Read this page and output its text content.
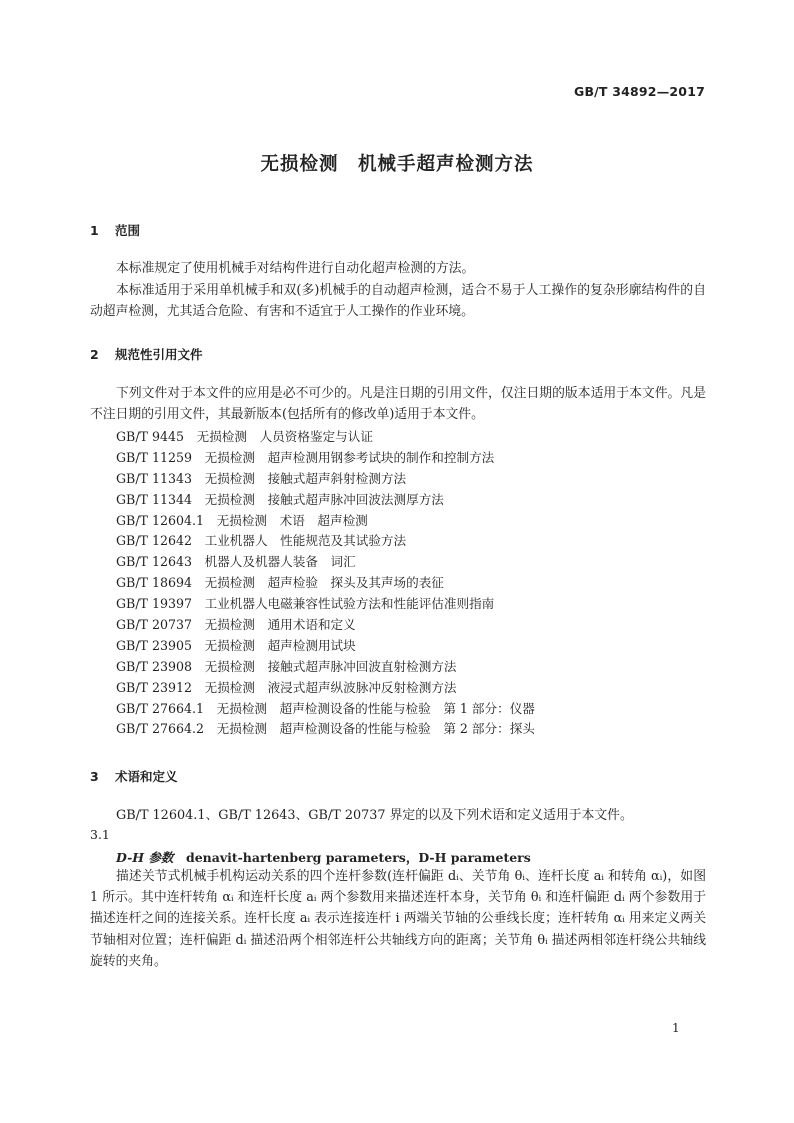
GB/T 34892—2017
无损检测　机械手超声检测方法
1 范围
本标准规定了使用机械手对结构件进行自动化超声检测的方法。
本标准适用于采用单机械手和双(多)机械手的自动超声检测，适合不易于人工操作的复杂形廓结构件的自动超声检测，尤其适合危险、有害和不适宜于人工操作的作业环境。
2 规范性引用文件
下列文件对于本文件的应用是必不可少的。凡是注日期的引用文件，仅注日期的版本适用于本文件。凡是不注日期的引用文件，其最新版本(包括所有的修改单)适用于本文件。
GB/T 9445　无损检测　人员资格鉴定与认证
GB/T 11259　无损检测　超声检测用钢参考试块的制作和控制方法
GB/T 11343　无损检测　接触式超声斜射检测方法
GB/T 11344　无损检测　接触式超声脉冲回波法测厚方法
GB/T 12604.1　无损检测　术语　超声检测
GB/T 12642　工业机器人　性能规范及其试验方法
GB/T 12643　机器人及机器人装备　词汇
GB/T 18694　无损检测　超声检验　探头及其声场的表征
GB/T 19397　工业机器人电磁兼容性试验方法和性能评估准则指南
GB/T 20737　无损检测　通用术语和定义
GB/T 23905　无损检测　超声检测用试块
GB/T 23908　无损检测　接触式超声脉冲回波直射检测方法
GB/T 23912　无损检测　液浸式超声纵波脉冲反射检测方法
GB/T 27664.1　无损检测　超声检测设备的性能与检验　第 1 部分：仪器
GB/T 27664.2　无损检测　超声检测设备的性能与检验　第 2 部分：探头
3 术语和定义
GB/T 12604.1、GB/T 12643、GB/T 20737 界定的以及下列术语和定义适用于本文件。
3.1
D-H 参数　 denavit-hartenberg parameters，D-H parameters
描述关节式机械手机构运动关系的四个连杆参数(连杆偏距 dᵢ、关节角 θᵢ、连杆长度 aᵢ 和转角 αᵢ)，如图 1 所示。其中连杆转角 αᵢ 和连杆长度 aᵢ 两个参数用来描述连杆本身，关节角 θᵢ 和连杆偏距 dᵢ 两个参数用于描述连杆之间的连接关系。连杆长度 aᵢ 表示连接连杆 i 两端关节轴的公垂线长度；连杆转角 αᵢ 用来定义两关节轴相对位置；连杆偏距 dᵢ 描述沿两个相邻连杆公共轴线方向的距离；关节角 θᵢ 描述两相邻连杆绕公共轴线旋转的夹角。
1
